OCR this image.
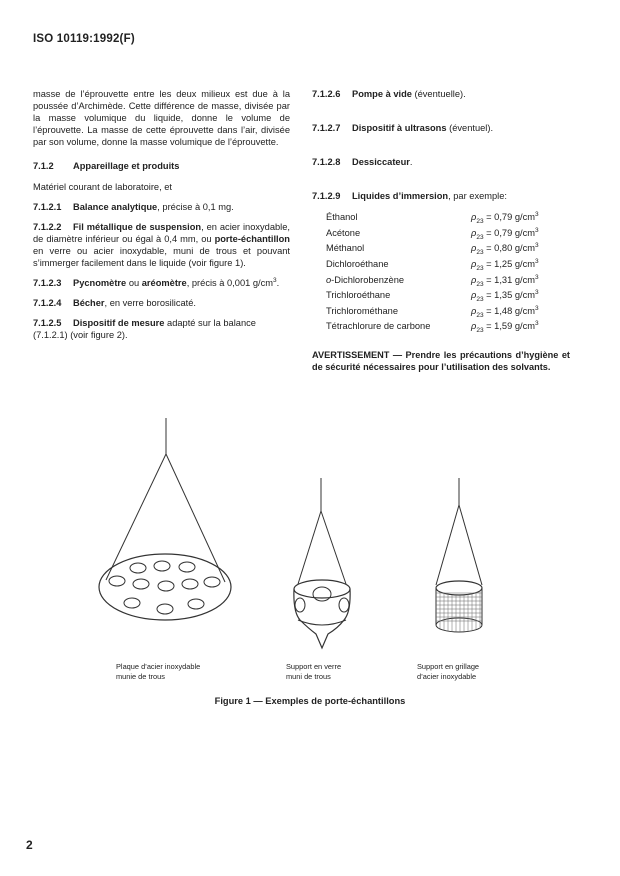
ISO 10119:1992(F)

masse de l’éprouvette entre les deux milieux est due à la poussée d’Archimède. Cette différence de masse, divisée par la masse volumique du liquide, donne le volume de l’éprouvette. La masse de cette éprouvette dans l’air, divisée par son volume, donne la masse volumique de l’éprouvette.

7.1.2 Appareillage et produits

Matériel courant de laboratoire, et

7.1.2.1 Balance analytique, précise à 0,1 mg.

7.1.2.2 Fil métallique de suspension, en acier inoxydable, de diamètre inférieur ou égal à 0,4 mm, ou porte-échantillon en verre ou acier inoxydable, muni de trous et pouvant s’immerger facilement dans le liquide (voir figure 1).

7.1.2.3 Pycnomètre ou aréomètre, précis à 0,001 $g/cm^3$.

7.1.2.4 Bécher, en verre borosilicaté.

7.1.2.5 Dispositif de mesure adapté sur la balance (7.1.2.1) (voir figure 2).

7.1.2.6 Pompe à vide (éventuelle).

7.1.2.7 Dispositif à ultrasons (éventuel).

7.1.2.8 Dessiccateur.

7.1.2.9 Liquides d’immersion, par exemple:

Éthanol	$\rho_{23} = 0,79$ $g/cm^3$
Acétone	$\rho_{23} = 0,79$ $g/cm^3$
Méthanol	$\rho_{23} = 0,80$ $g/cm^3$
Dichloroéthane	$\rho_{23} = 1,25$ $g/cm^3$
o-Dichlorobenzène	$\rho_{23} = 1,31$ $g/cm^3$
Trichloroéthane	$\rho_{23} = 1,35$ $g/cm^3$
Trichlorométhane	$\rho_{23} = 1,48$ $g/cm^3$
Tétrachlorure de carbone	$\rho_{23} = 1,59$ $g/cm^3$

AVERTISSEMENT — Prendre les précautions d’hygiène et de sécurité nécessaires pour l’utilisation des solvants.

Plaque d’acier inoxydable
munie de trous
Support en verre
muni de trous
Support en grillage
d’acier inoxydable
Figure 1 — Exemples de porte-échantillons
2
